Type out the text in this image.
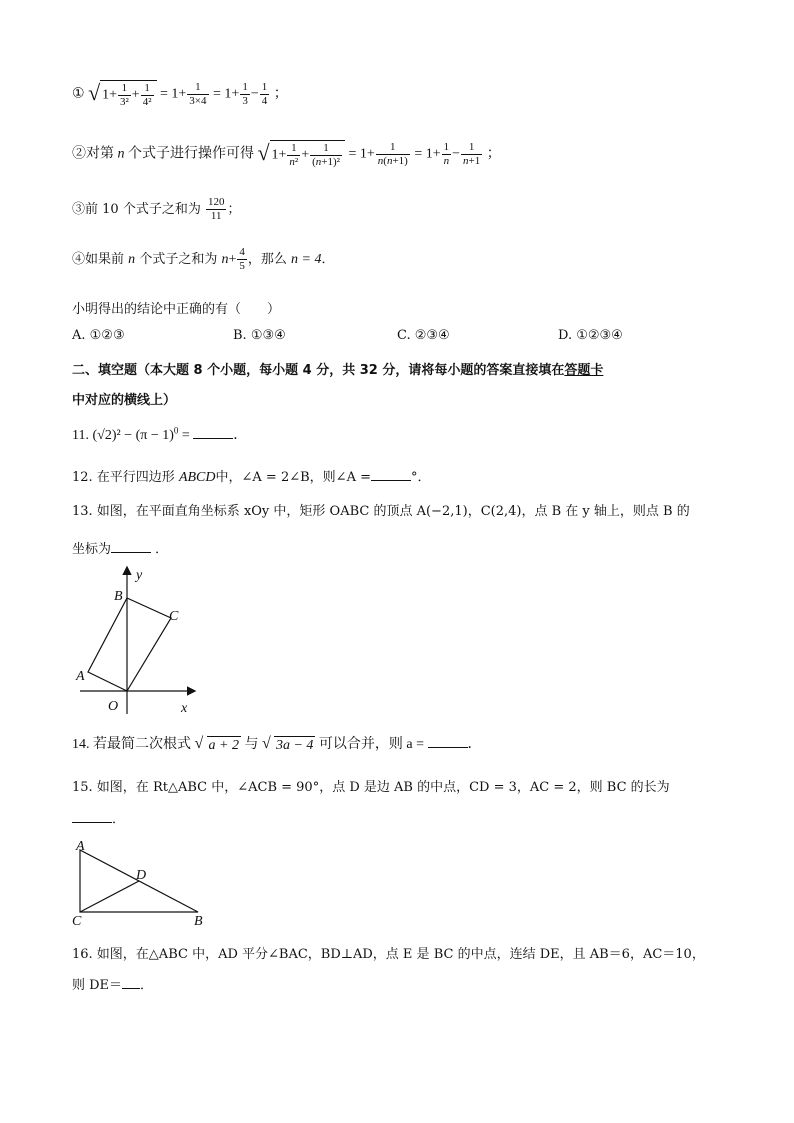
① √ $1+ \frac{1}{\text{3²}} + \frac{1}{\text{4²}} = 1+ \frac{1}{3\times 4} = 1+ \frac{1}{3} - \frac{1}{4}$ ；
②对第 n 个式子进行操作可得 √ $1+ \frac{1}{\text{n²}} + \frac{1}{\text{(n+1)²}} = 1+ \frac{1}{n(n+1)} = 1+ \frac{1}{n} - \frac{1}{n+1}$ ；
③前 10 个式子之和为 $\frac{120}{11}$ ；
④如果前 n 个式子之和为 $n+ \frac{4}{5}$ ，那么 n = 4．
小明得出的结论中正确的有（　　）
A. ①②③	B. ①③④	C. ②③④	D. ①②③④
二、填空题（本大题 8 个小题，每小题 4 分，共 32 分，请将每小题的答案直接填在答题卡
中对应的横线上）
11. $(√2)^2 - (\pi - 1)^0$ =	．
12. 在平行四边形 ABCD中，∠A = 2∠B，则∠A =	°．
13. 如图，在平面直角坐标系 xOy 中，矩形 OABC 的顶点 A(−2,1)，C(2,4)，点 B 在 y 轴上，则点 B 的
坐标为	．
y
B
C
A
O	x
14. 若最简二次根式 √ a + 2 与 √ 3a − 4 可以合并，则 a =	．
15. 如图，在 Rt△ABC 中，∠ACB = 90°，点 D 是边 AB 的中点，CD = 3，AC = 2，则 BC 的长为
．
A
D
C	B
16. 如图，在△ABC 中，AD 平分∠BAC，BD⊥AD，点 E 是 BC 的中点，连结 DE，且 AB＝6，AC＝10，
则 DE＝ ．
